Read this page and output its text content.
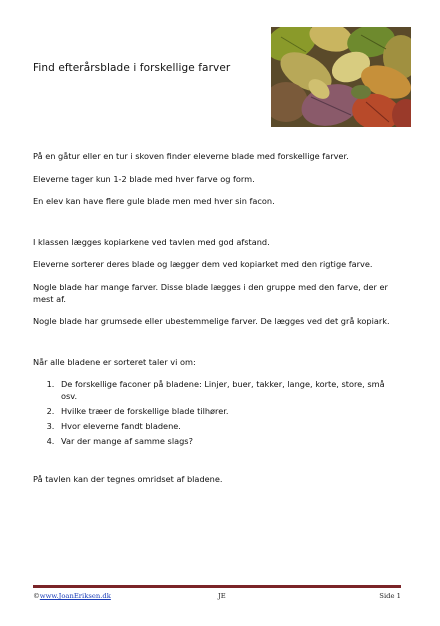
Find efterårsblade i forskellige farver

På en gåtur eller en tur i skoven finder eleverne blade med forskellige farver.

Eleverne tager kun 1-2 blade med hver farve og form.

En elev kan have flere gule blade men med hver sin facon.

I klassen lægges kopiarkene ved tavlen med god afstand.

Eleverne sorterer deres blade og lægger dem ved kopiarket med den rigtige farve.

Nogle blade har mange farver. Disse blade lægges i den gruppe med den farve, der er mest af.

Nogle blade har grumsede eller ubestemmelige farver. De lægges ved det grå kopiark.

Når alle bladene er sorteret taler vi om:

1. De forskellige faconer på bladene: Linjer, buer, takker, lange, korte, store, små osv.
2. Hvilke træer de forskellige blade tilhører.
3. Hvor eleverne fandt bladene.
4. Var der mange af samme slags?

På tavlen kan der tegnes omridset af bladene.

©www.JoanEriksen.dk	JE	Side 1
